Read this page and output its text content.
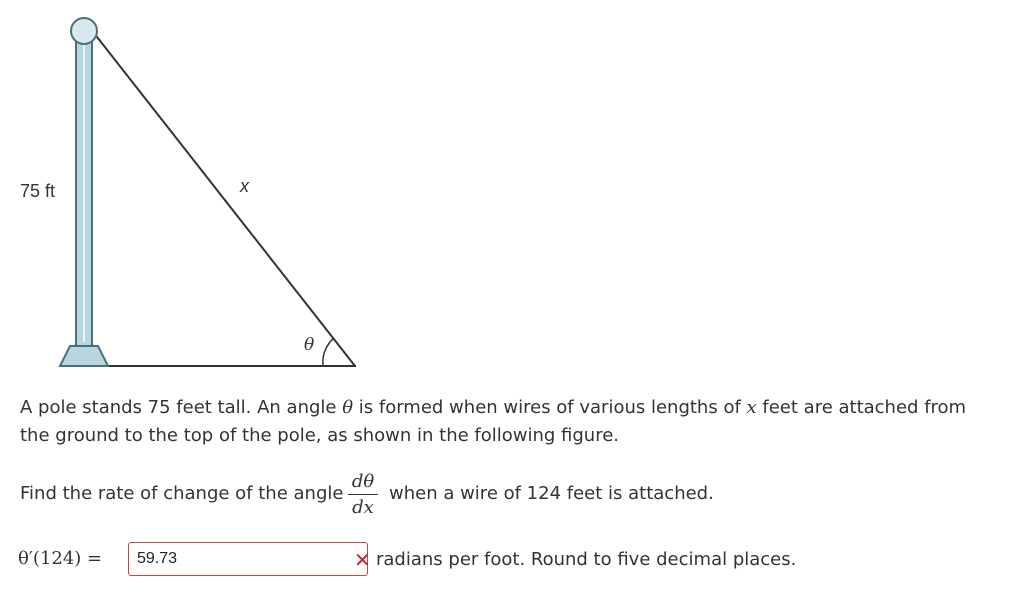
75 ft	x
θ
A pole stands 75 feet tall. An angle θ is formed when wires of various lengths of x feet are attached from the ground to the top of the pole, as shown in the following figure.
Find the rate of change of the angle
dθ
dx
when a wire of 124 feet is attached.
θ′(124) =
59.73	✕ radians per foot. Round to five decimal places.
